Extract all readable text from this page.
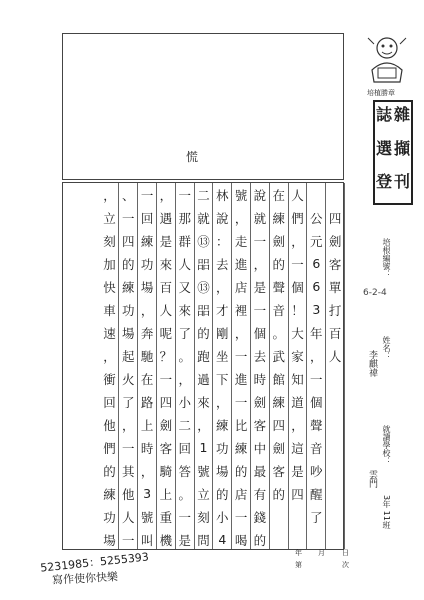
培植勝章
雜
誌
擷
選
刊
登
慌
四
劍
客
單
打
百
人
公
元
6
6
3
年
，
一
個
聲
音
吵
醒
了
人
們
，
一
個
！
大
家
知
道
，
這
是
四
在
練
劍
的
聲
音
。
武
館
練
四
劍
客
的
說
就
一
，
是
一
個
去
時
劍
客
中
最
有
錢
的
號
，
走
進
店
裡
，
一
進
一
比
練
的
店
一
喝
林
說
：
去
，
才
剛
坐
下
，
練
功
場
的
小
4
二
就
⑬
㗊
⑬
㗊
的
跑
過
來
，
1
號
立
刻
問
一
那
群
人
又
來
了
。
，
小
二
回
答
。
一
是
，
遇
是
來
百
人
呢
？
一
四
劍
客
騎
上
重
機
一
回
練
功
場
，
奔
馳
在
路
上
時
，
3
號
叫
、
一
四
的
練
功
場
起
火
了
，
一
其
他
人
一
，
立
刻
加
快
車
速
，
衝
回
他
們
的
練
功
場
培根編號：
6-2-4
姓名：
李麒禕
就讀學校：
雲門
3年 11班
年 月 日
第	次
5231985：5255393
寫作使你快樂
